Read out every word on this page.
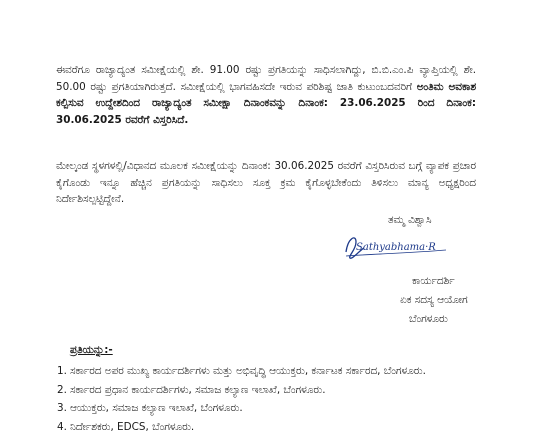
ಈವರೆಗೂ ರಾಜ್ಯಾದ್ಯಂತ ಸಮೀಕ್ಷೆಯಲ್ಲಿ ಶೇ. 91.00 ರಷ್ಟು ಪ್ರಗತಿಯನ್ನು ಸಾಧಿಸಲಾಗಿದ್ದು, ಬಿ.ಬಿ.ಎಂ.ಪಿ ವ್ಯಾಪ್ತಿಯಲ್ಲಿ ಶೇ. 50.00 ರಷ್ಟು ಪ್ರಗತಿಯಾಗಿರುತ್ತದೆ. ಸಮೀಕ್ಷೆಯಲ್ಲಿ ಭಾಗವಹಿಸದೇ ಇರುವ ಪರಿಶಿಷ್ಟ ಜಾತಿ ಕುಟುಂಬದವರಿಗೆ ಅಂತಿಮ ಅವಕಾಶ ಕಲ್ಪಿಸುವ ಉದ್ದೇಶದಿಂದ ರಾಜ್ಯಾದ್ಯಂತ ಸಮೀಕ್ಷಾ ದಿನಾಂಕವನ್ನು ದಿನಾಂಕ: 23.06.2025 ರಿಂದ ದಿನಾಂಕ: 30.06.2025 ರವರೆಗೆ ವಿಸ್ತರಿಸಿದೆ.

ಮೇಲ್ಕಂಡ ಸ್ಥಳಗಳಲ್ಲಿ/ವಿಧಾನದ ಮೂಲಕ ಸಮೀಕ್ಷೆಯನ್ನು ದಿನಾಂಕ: 30.06.2025 ರವರೆಗೆ ವಿಸ್ತರಿಸಿರುವ ಬಗ್ಗೆ ವ್ಯಾಪಕ ಪ್ರಚಾರ ಕೈಗೊಂಡು ಇನ್ನೂ ಹೆಚ್ಚಿನ ಪ್ರಗತಿಯನ್ನು ಸಾಧಿಸಲು ಸೂಕ್ತ ಕ್ರಮ ಕೈಗೊಳ್ಳಬೇಕೆಂದು ತಿಳಿಸಲು ಮಾನ್ಯ ಅಧ್ಯಕ್ಷರಿಂದ ನಿರ್ದೇಶಿಸಲ್ಪಟ್ಟಿದ್ದೇನೆ.

ತಮ್ಮ ವಿಶ್ವಾಸಿ

Sathyabhama·R

ಕಾರ್ಯದರ್ಶಿ

ಏಕ ಸದಸ್ಯ ಆಯೋಗ

ಬೆಂಗಳೂರು

ಪ್ರತಿಯನ್ನು:-

1. ಸರ್ಕಾರದ ಅಪರ ಮುಖ್ಯ ಕಾರ್ಯದರ್ಶಿಗಳು ಮತ್ತು ಅಭಿವೃದ್ಧಿ ಆಯುಕ್ತರು, ಕರ್ನಾಟಕ ಸರ್ಕಾರದ, ಬೆಂಗಳೂರು.
2. ಸರ್ಕಾರದ ಪ್ರಧಾನ ಕಾರ್ಯದರ್ಶಿಗಳು, ಸಮಾಜ ಕಲ್ಯಾಣ ಇಲಾಖೆ, ಬೆಂಗಳೂರು.
3. ಆಯುಕ್ತರು, ಸಮಾಜ ಕಲ್ಯಾಣ ಇಲಾಖೆ, ಬೆಂಗಳೂರು.
4. ನಿರ್ದೇಶಕರು, EDCS, ಬೆಂಗಳೂರು.
